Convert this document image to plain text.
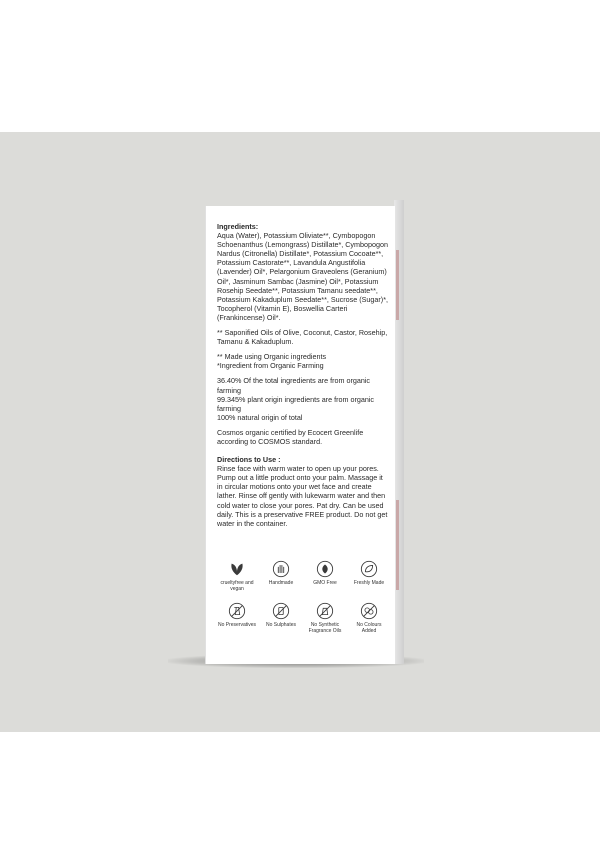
Ingredients:
Aqua (Water), Potassium Oliviate**, Cymbopogon Schoenanthus (Lemongrass) Distillate*, Cymbopogon Nardus (Citronella) Distillate*, Potassium Cocoate**, Potassium Castorate**, Lavandula Angustifolia (Lavender) Oil*, Pelargonium Graveolens (Geranium) Oil*, Jasminum Sambac (Jasmine) Oil*, Potassium Rosehip Seedate**, Potassium Tamanu seedate**, Potassium Kakaduplum Seedate**, Sucrose (Sugar)*, Tocopherol (Vitamin E), Boswellia Carteri (Frankincense) Oil*.

** Saponified Oils of Olive, Coconut, Castor, Rosehip, Tamanu & Kakaduplum.

** Made using Organic ingredients
*Ingredient from Organic Farming

36.40% Of the total ingredients are from organic farming
99.345% plant origin ingredients are from organic farming
100% natural origin of total

Cosmos organic certified by Ecocert Greenlife according to COSMOS standard.

Directions to Use :
Rinse face with warm water to open up your pores. Pump out a little product onto your palm. Massage it in circular motions onto your wet face and create lather. Rinse off gently with lukewarm water and then cold water to close your pores. Pat dry. Can be used daily. This is a preservative FREE product. Do not get water in the container.

crueltyfree and vegan
Handmade	GMO Free	Freshly Made
No Preservatives No Sulphates	No Synthetic Fragrance Oils
No Colours Added
